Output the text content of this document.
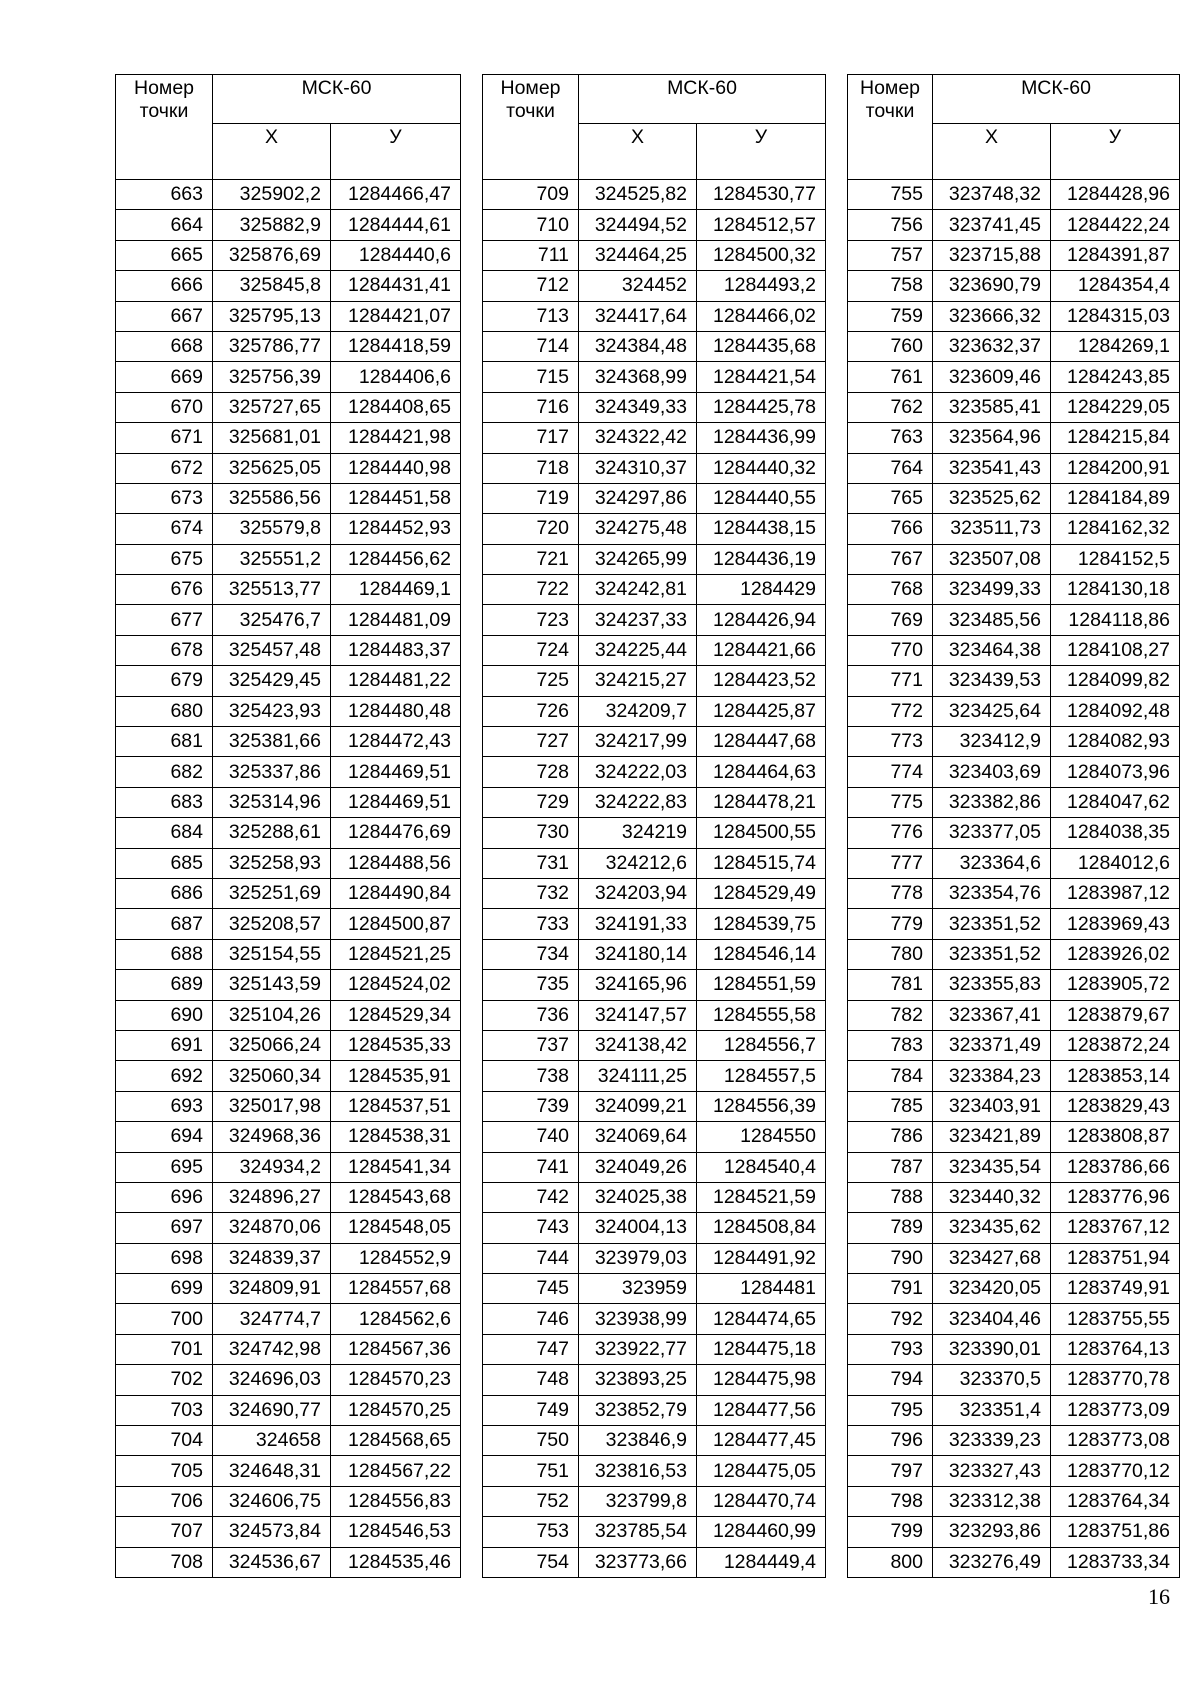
Номер
точки	МСК-60	
	X	У
663	325902,2	1284466,47
664	325882,9	1284444,61
665	325876,69	1284440,6
666	325845,8	1284431,41
667	325795,13	1284421,07
668	325786,77	1284418,59
669	325756,39	1284406,6
670	325727,65	1284408,65
671	325681,01	1284421,98
672	325625,05	1284440,98
673	325586,56	1284451,58
674	325579,8	1284452,93
675	325551,2	1284456,62
676	325513,77	1284469,1
677	325476,7	1284481,09
678	325457,48	1284483,37
679	325429,45	1284481,22
680	325423,93	1284480,48
681	325381,66	1284472,43
682	325337,86	1284469,51
683	325314,96	1284469,51
684	325288,61	1284476,69
685	325258,93	1284488,56
686	325251,69	1284490,84
687	325208,57	1284500,87
688	325154,55	1284521,25
689	325143,59	1284524,02
690	325104,26	1284529,34
691	325066,24	1284535,33
692	325060,34	1284535,91
693	325017,98	1284537,51
694	324968,36	1284538,31
695	324934,2	1284541,34
696	324896,27	1284543,68
697	324870,06	1284548,05
698	324839,37	1284552,9
699	324809,91	1284557,68
700	324774,7	1284562,6
701	324742,98	1284567,36
702	324696,03	1284570,23
703	324690,77	1284570,25
704	324658	1284568,65
705	324648,31	1284567,22
706	324606,75	1284556,83
707	324573,84	1284546,53
708	324536,67	1284535,46
Номер
точки	МСК-60	
	X	У
709	324525,82	1284530,77
710	324494,52	1284512,57
711	324464,25	1284500,32
712	324452	1284493,2
713	324417,64	1284466,02
714	324384,48	1284435,68
715	324368,99	1284421,54
716	324349,33	1284425,78
717	324322,42	1284436,99
718	324310,37	1284440,32
719	324297,86	1284440,55
720	324275,48	1284438,15
721	324265,99	1284436,19
722	324242,81	1284429
723	324237,33	1284426,94
724	324225,44	1284421,66
725	324215,27	1284423,52
726	324209,7	1284425,87
727	324217,99	1284447,68
728	324222,03	1284464,63
729	324222,83	1284478,21
730	324219	1284500,55
731	324212,6	1284515,74
732	324203,94	1284529,49
733	324191,33	1284539,75
734	324180,14	1284546,14
735	324165,96	1284551,59
736	324147,57	1284555,58
737	324138,42	1284556,7
738	324111,25	1284557,5
739	324099,21	1284556,39
740	324069,64	1284550
741	324049,26	1284540,4
742	324025,38	1284521,59
743	324004,13	1284508,84
744	323979,03	1284491,92
745	323959	1284481
746	323938,99	1284474,65
747	323922,77	1284475,18
748	323893,25	1284475,98
749	323852,79	1284477,56
750	323846,9	1284477,45
751	323816,53	1284475,05
752	323799,8	1284470,74
753	323785,54	1284460,99
754	323773,66	1284449,4
Номер
точки	МСК-60	
	X	У
755	323748,32	1284428,96
756	323741,45	1284422,24
757	323715,88	1284391,87
758	323690,79	1284354,4
759	323666,32	1284315,03
760	323632,37	1284269,1
761	323609,46	1284243,85
762	323585,41	1284229,05
763	323564,96	1284215,84
764	323541,43	1284200,91
765	323525,62	1284184,89
766	323511,73	1284162,32
767	323507,08	1284152,5
768	323499,33	1284130,18
769	323485,56	1284118,86
770	323464,38	1284108,27
771	323439,53	1284099,82
772	323425,64	1284092,48
773	323412,9	1284082,93
774	323403,69	1284073,96
775	323382,86	1284047,62
776	323377,05	1284038,35
777	323364,6	1284012,6
778	323354,76	1283987,12
779	323351,52	1283969,43
780	323351,52	1283926,02
781	323355,83	1283905,72
782	323367,41	1283879,67
783	323371,49	1283872,24
784	323384,23	1283853,14
785	323403,91	1283829,43
786	323421,89	1283808,87
787	323435,54	1283786,66
788	323440,32	1283776,96
789	323435,62	1283767,12
790	323427,68	1283751,94
791	323420,05	1283749,91
792	323404,46	1283755,55
793	323390,01	1283764,13
794	323370,5	1283770,78
795	323351,4	1283773,09
796	323339,23	1283773,08
797	323327,43	1283770,12
798	323312,38	1283764,34
799	323293,86	1283751,86
800	323276,49	1283733,34
16
